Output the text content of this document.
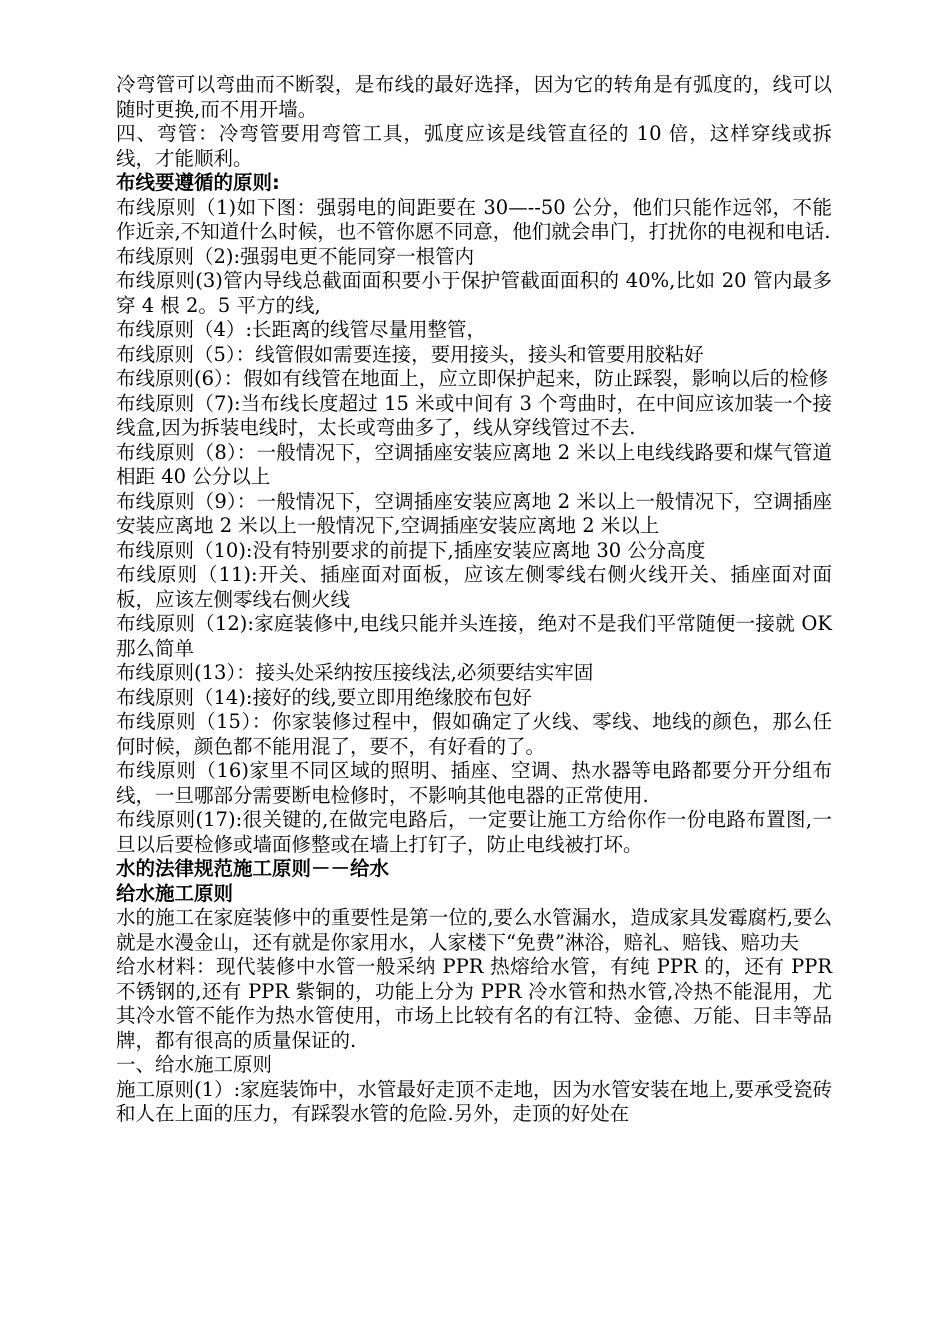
冷弯管可以弯曲而不断裂，是布线的最好选择，因为它的转角是有弧度的，线可以随时更换,而不用开墙。

四、弯管：冷弯管要用弯管工具，弧度应该是线管直径的 10 倍，这样穿线或拆线，才能顺利。

布线要遵循的原则:

布线原则（1)如下图：强弱电的间距要在 30—--50 公分，他们只能作远邻，不能作近亲,不知道什么时候，也不管你愿不同意，他们就会串门，打扰你的电视和电话.

布线原则（2):强弱电更不能同穿一根管内

布线原则(3)管内导线总截面面积要小于保护管截面面积的 40%,比如 20 管内最多穿 4 根 2。5 平方的线,

布线原则（4）:长距离的线管尽量用整管，

布线原则（5）：线管假如需要连接，要用接头，接头和管要用胶粘好

布线原则(6）：假如有线管在地面上，应立即保护起来，防止踩裂，影响以后的检修

布线原则（7):当布线长度超过 15 米或中间有 3 个弯曲时，在中间应该加装一个接线盒,因为拆装电线时，太长或弯曲多了，线从穿线管过不去.

布线原则（8）：一般情况下，空调插座安装应离地 2 米以上电线线路要和煤气管道相距 40 公分以上

布线原则（9）：一般情况下，空调插座安装应离地 2 米以上一般情况下，空调插座安装应离地 2 米以上一般情况下,空调插座安装应离地 2 米以上

布线原则（10):没有特别要求的前提下,插座安装应离地 30 公分高度

布线原则（11):开关、插座面对面板，应该左侧零线右侧火线开关、插座面对面板，应该左侧零线右侧火线

布线原则（12):家庭装修中,电线只能并头连接，绝对不是我们平常随便一接就 OK 那么简单

布线原则(13）：接头处采纳按压接线法,必须要结实牢固

布线原则（14):接好的线,要立即用绝缘胶布包好

布线原则（15）：你家装修过程中，假如确定了火线、零线、地线的颜色，那么任何时候，颜色都不能用混了，要不，有好看的了。

布线原则（16)家里不同区域的照明、插座、空调、热水器等电路都要分开分组布线，一旦哪部分需要断电检修时，不影响其他电器的正常使用.

布线原则(17):很关键的,在做完电路后，一定要让施工方给你作一份电路布置图,一旦以后要检修或墙面修整或在墙上打钉子，防止电线被打坏。

水的法律规范施工原则－－给水

给水施工原则

水的施工在家庭装修中的重要性是第一位的,要么水管漏水，造成家具发霉腐朽,要么就是水漫金山，还有就是你家用水，人家楼下“免费”淋浴，赔礼、赔钱、赔功夫

给水材料：现代装修中水管一般采纳 PPR 热熔给水管，有纯 PPR 的，还有 PPR 不锈钢的,还有 PPR 紫铜的，功能上分为 PPR 冷水管和热水管,冷热不能混用，尤其冷水管不能作为热水管使用，市场上比较有名的有江特、金德、万能、日丰等品牌，都有很高的质量保证的.

一、给水施工原则

施工原则(1）:家庭装饰中，水管最好走顶不走地，因为水管安装在地上,要承受瓷砖和人在上面的压力，有踩裂水管的危险.另外，走顶的好处在
